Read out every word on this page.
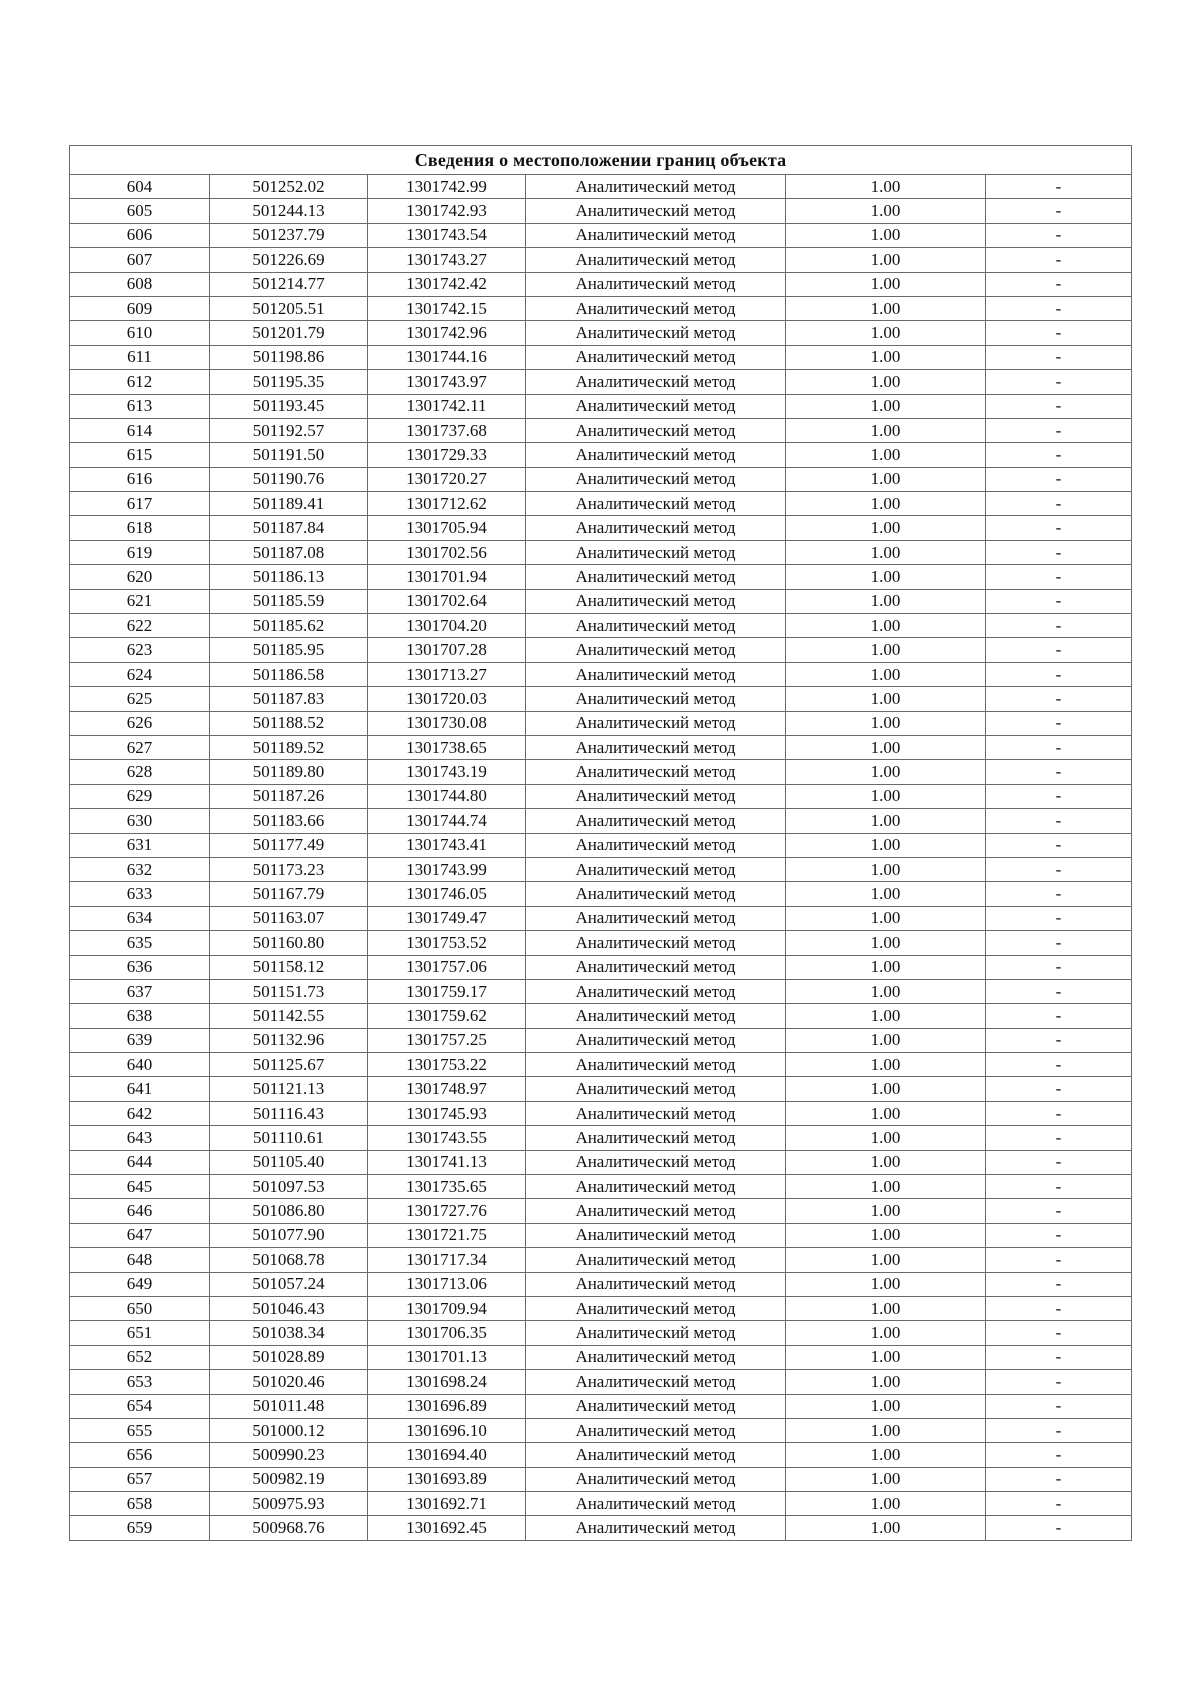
Сведения о местоположении границ объекта					
604	501252.02	1301742.99	Аналитический метод	1.00	-
605	501244.13	1301742.93	Аналитический метод	1.00	-
606	501237.79	1301743.54	Аналитический метод	1.00	-
607	501226.69	1301743.27	Аналитический метод	1.00	-
608	501214.77	1301742.42	Аналитический метод	1.00	-
609	501205.51	1301742.15	Аналитический метод	1.00	-
610	501201.79	1301742.96	Аналитический метод	1.00	-
611	501198.86	1301744.16	Аналитический метод	1.00	-
612	501195.35	1301743.97	Аналитический метод	1.00	-
613	501193.45	1301742.11	Аналитический метод	1.00	-
614	501192.57	1301737.68	Аналитический метод	1.00	-
615	501191.50	1301729.33	Аналитический метод	1.00	-
616	501190.76	1301720.27	Аналитический метод	1.00	-
617	501189.41	1301712.62	Аналитический метод	1.00	-
618	501187.84	1301705.94	Аналитический метод	1.00	-
619	501187.08	1301702.56	Аналитический метод	1.00	-
620	501186.13	1301701.94	Аналитический метод	1.00	-
621	501185.59	1301702.64	Аналитический метод	1.00	-
622	501185.62	1301704.20	Аналитический метод	1.00	-
623	501185.95	1301707.28	Аналитический метод	1.00	-
624	501186.58	1301713.27	Аналитический метод	1.00	-
625	501187.83	1301720.03	Аналитический метод	1.00	-
626	501188.52	1301730.08	Аналитический метод	1.00	-
627	501189.52	1301738.65	Аналитический метод	1.00	-
628	501189.80	1301743.19	Аналитический метод	1.00	-
629	501187.26	1301744.80	Аналитический метод	1.00	-
630	501183.66	1301744.74	Аналитический метод	1.00	-
631	501177.49	1301743.41	Аналитический метод	1.00	-
632	501173.23	1301743.99	Аналитический метод	1.00	-
633	501167.79	1301746.05	Аналитический метод	1.00	-
634	501163.07	1301749.47	Аналитический метод	1.00	-
635	501160.80	1301753.52	Аналитический метод	1.00	-
636	501158.12	1301757.06	Аналитический метод	1.00	-
637	501151.73	1301759.17	Аналитический метод	1.00	-
638	501142.55	1301759.62	Аналитический метод	1.00	-
639	501132.96	1301757.25	Аналитический метод	1.00	-
640	501125.67	1301753.22	Аналитический метод	1.00	-
641	501121.13	1301748.97	Аналитический метод	1.00	-
642	501116.43	1301745.93	Аналитический метод	1.00	-
643	501110.61	1301743.55	Аналитический метод	1.00	-
644	501105.40	1301741.13	Аналитический метод	1.00	-
645	501097.53	1301735.65	Аналитический метод	1.00	-
646	501086.80	1301727.76	Аналитический метод	1.00	-
647	501077.90	1301721.75	Аналитический метод	1.00	-
648	501068.78	1301717.34	Аналитический метод	1.00	-
649	501057.24	1301713.06	Аналитический метод	1.00	-
650	501046.43	1301709.94	Аналитический метод	1.00	-
651	501038.34	1301706.35	Аналитический метод	1.00	-
652	501028.89	1301701.13	Аналитический метод	1.00	-
653	501020.46	1301698.24	Аналитический метод	1.00	-
654	501011.48	1301696.89	Аналитический метод	1.00	-
655	501000.12	1301696.10	Аналитический метод	1.00	-
656	500990.23	1301694.40	Аналитический метод	1.00	-
657	500982.19	1301693.89	Аналитический метод	1.00	-
658	500975.93	1301692.71	Аналитический метод	1.00	-
659	500968.76	1301692.45	Аналитический метод	1.00	-
